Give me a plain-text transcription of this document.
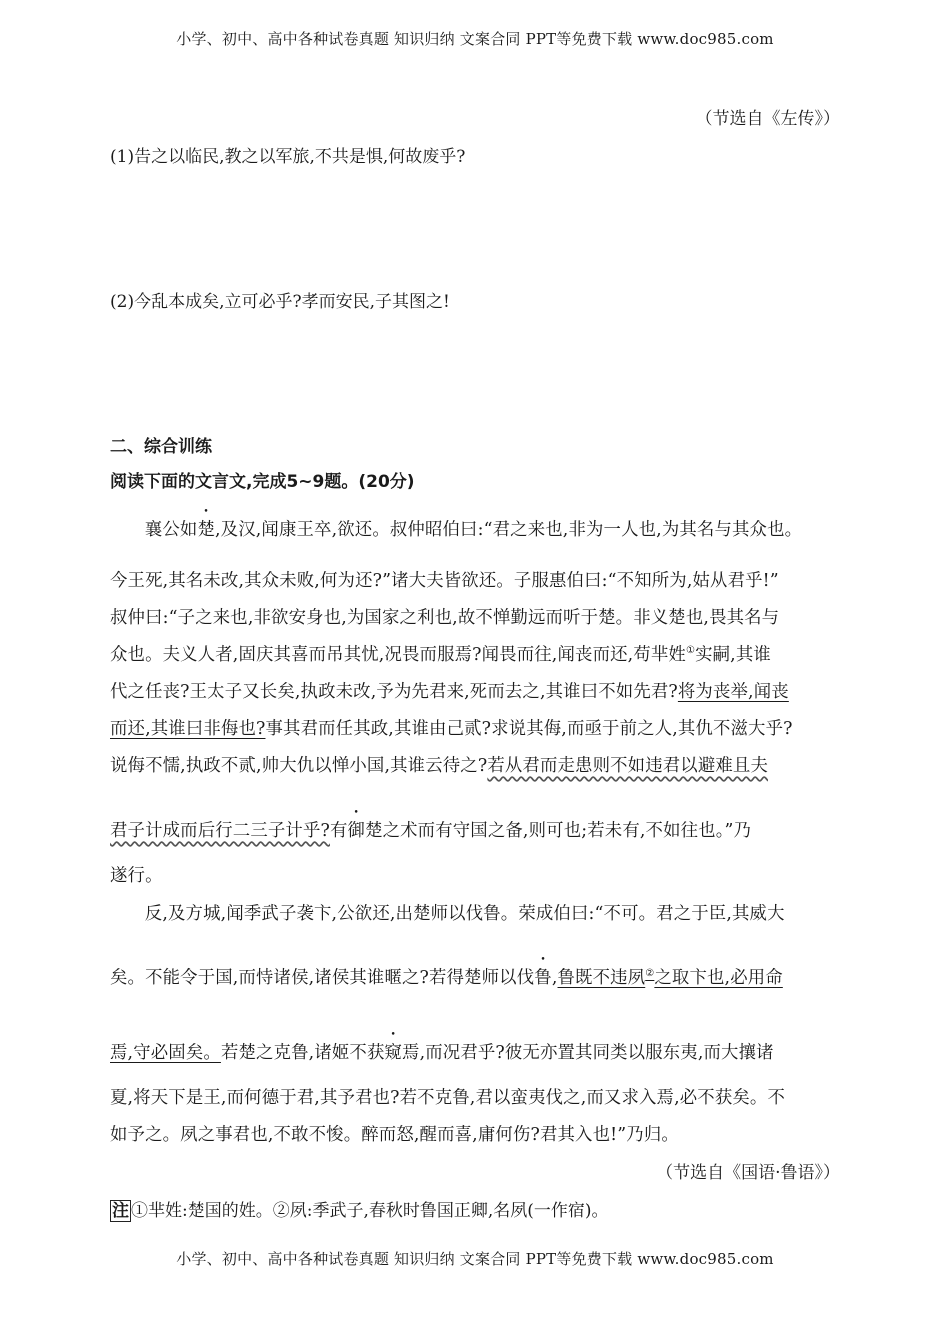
小学、初中、高中各种试卷真题 知识归纳 文案合同 PPT等免费下载 www.doc985.com
（节选自《左传》）
(1)告之以临民,教之以军旅,不共是惧,何故废乎?
(2)今乱本成矣,立可必乎?孝而安民,子其图之!
二、综合训练
阅读下面的文言文,完成5~9题。(20分)
襄公如楚,及汉,闻康王卒,欲还。叔仲昭伯曰:“君之来也,非为一人也,为其名与其众也。
今王死,其名未改,其众未败,何为还?”诸大夫皆欲还。子服惠伯曰:“不知所为,姑从君乎!”
叔仲曰:“子之来也,非欲安身也,为国家之利也,故不惮勤远而听于楚。非义楚也,畏其名与
众也。夫义人者,固庆其喜而吊其忧,况畏而服焉?闻畏而往,闻丧而还,苟芈姓①实嗣,其谁
代之任丧?王太子又长矣,执政未改,予为先君来,死而去之,其谁曰不如先君?将为丧举,闻丧
而还,其谁曰非侮也?事其君而任其政,其谁由己贰?求说其侮,而亟于前之人,其仇不滋大乎?
说侮不懦,执政不贰,帅大仇以惮小国,其谁云待之?若从君而走患则不如违君以避难且夫
君子计成而后行二三子计乎?有御楚之术而有守国之备,则可也;若未有,不如往也。”乃
遂行。
反,及方城,闻季武子袭卞,公欲还,出楚师以伐鲁。荣成伯曰:“不可。君之于臣,其威大
矣。不能令于国,而恃诸侯,诸侯其谁暱之?若得楚师以伐鲁,鲁既不违夙②之取卞也,必用命
焉,守必固矣。若楚之克鲁,诸姬不获窥焉,而况君乎?彼无亦置其同类以服东夷,而大攘诸
夏,将天下是王,而何德于君,其予君也?若不克鲁,君以蛮夷伐之,而又求入焉,必不获矣。不
如予之。夙之事君也,不敢不悛。醉而怒,醒而喜,庸何伤?君其入也!”乃归。
（节选自《国语·鲁语》）
注 ①芈姓:楚国的姓。②夙:季武子,春秋时鲁国正卿,名夙(一作宿)。
小学、初中、高中各种试卷真题 知识归纳 文案合同 PPT等免费下载 www.doc985.com
